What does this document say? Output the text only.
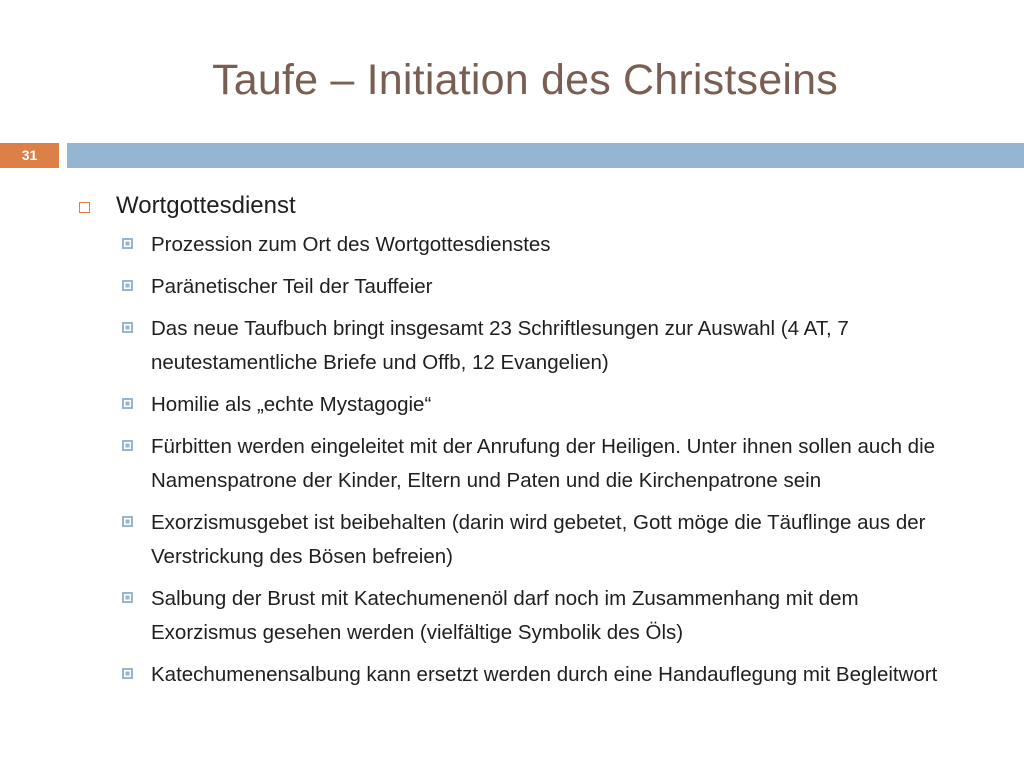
Taufe – Initiation des Christseins
31
Wortgottesdienst
Prozession zum Ort des Wortgottesdienstes
Paränetischer Teil der Tauffeier
Das neue Taufbuch bringt insgesamt 23 Schriftlesungen zur Auswahl (4 AT, 7 neutestamentliche Briefe und Offb, 12 Evangelien)
Homilie als „echte Mystagogie“
Fürbitten werden eingeleitet mit der Anrufung der Heiligen. Unter ihnen sollen auch die Namenspatrone der Kinder, Eltern und Paten und die Kirchenpatrone sein
Exorzismusgebet ist beibehalten (darin wird gebetet, Gott möge die Täuflinge aus der Verstrickung des Bösen befreien)
Salbung der Brust mit Katechumenenöl darf noch im Zusammenhang mit dem Exorzismus gesehen werden (vielfältige Symbolik des Öls)
Katechumenensalbung kann ersetzt werden durch eine Handauflegung mit Begleitwort
